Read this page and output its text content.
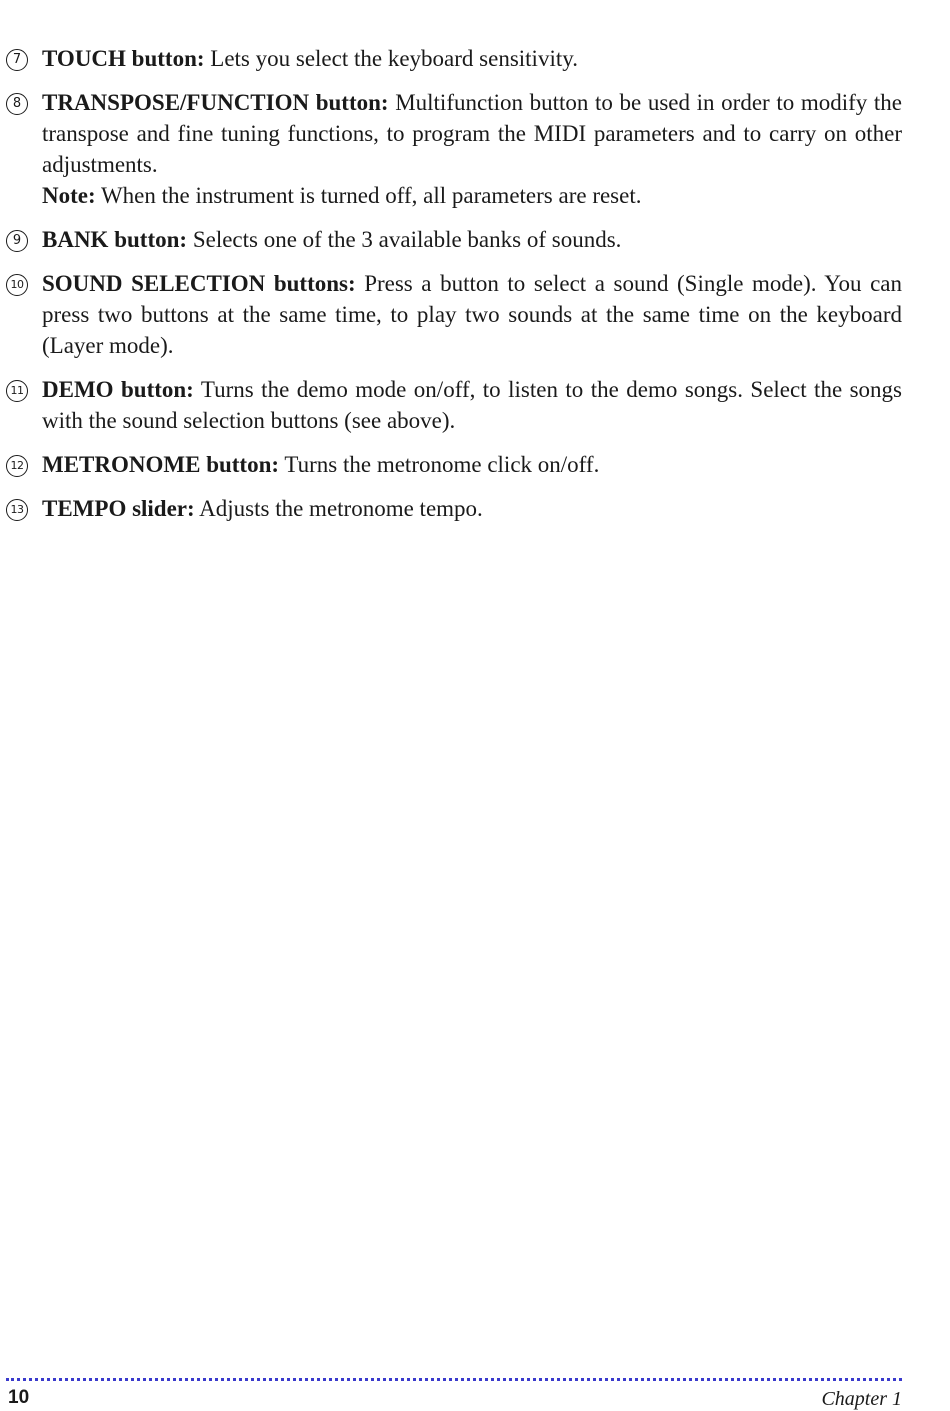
7 TOUCH button: Lets you select the keyboard sensitivity.
8 TRANSPOSE/FUNCTION button: Multifunction button to be used in order to modify the transpose and fine tuning functions, to program the MIDI parameters and to carry on other adjustments.
Note: When the instrument is turned off, all parameters are reset.
9 BANK button: Selects one of the 3 available banks of sounds.
10 SOUND SELECTION buttons: Press a button to select a sound (Single mode). You can press two buttons at the same time, to play two sounds at the same time on the keyboard (Layer mode).
11 DEMO button: Turns the demo mode on/off, to listen to the demo songs. Select the songs with the sound selection buttons (see above).
12 METRONOME button: Turns the metronome click on/off.
13 TEMPO slider: Adjusts the metronome tempo.
10	Chapter 1
